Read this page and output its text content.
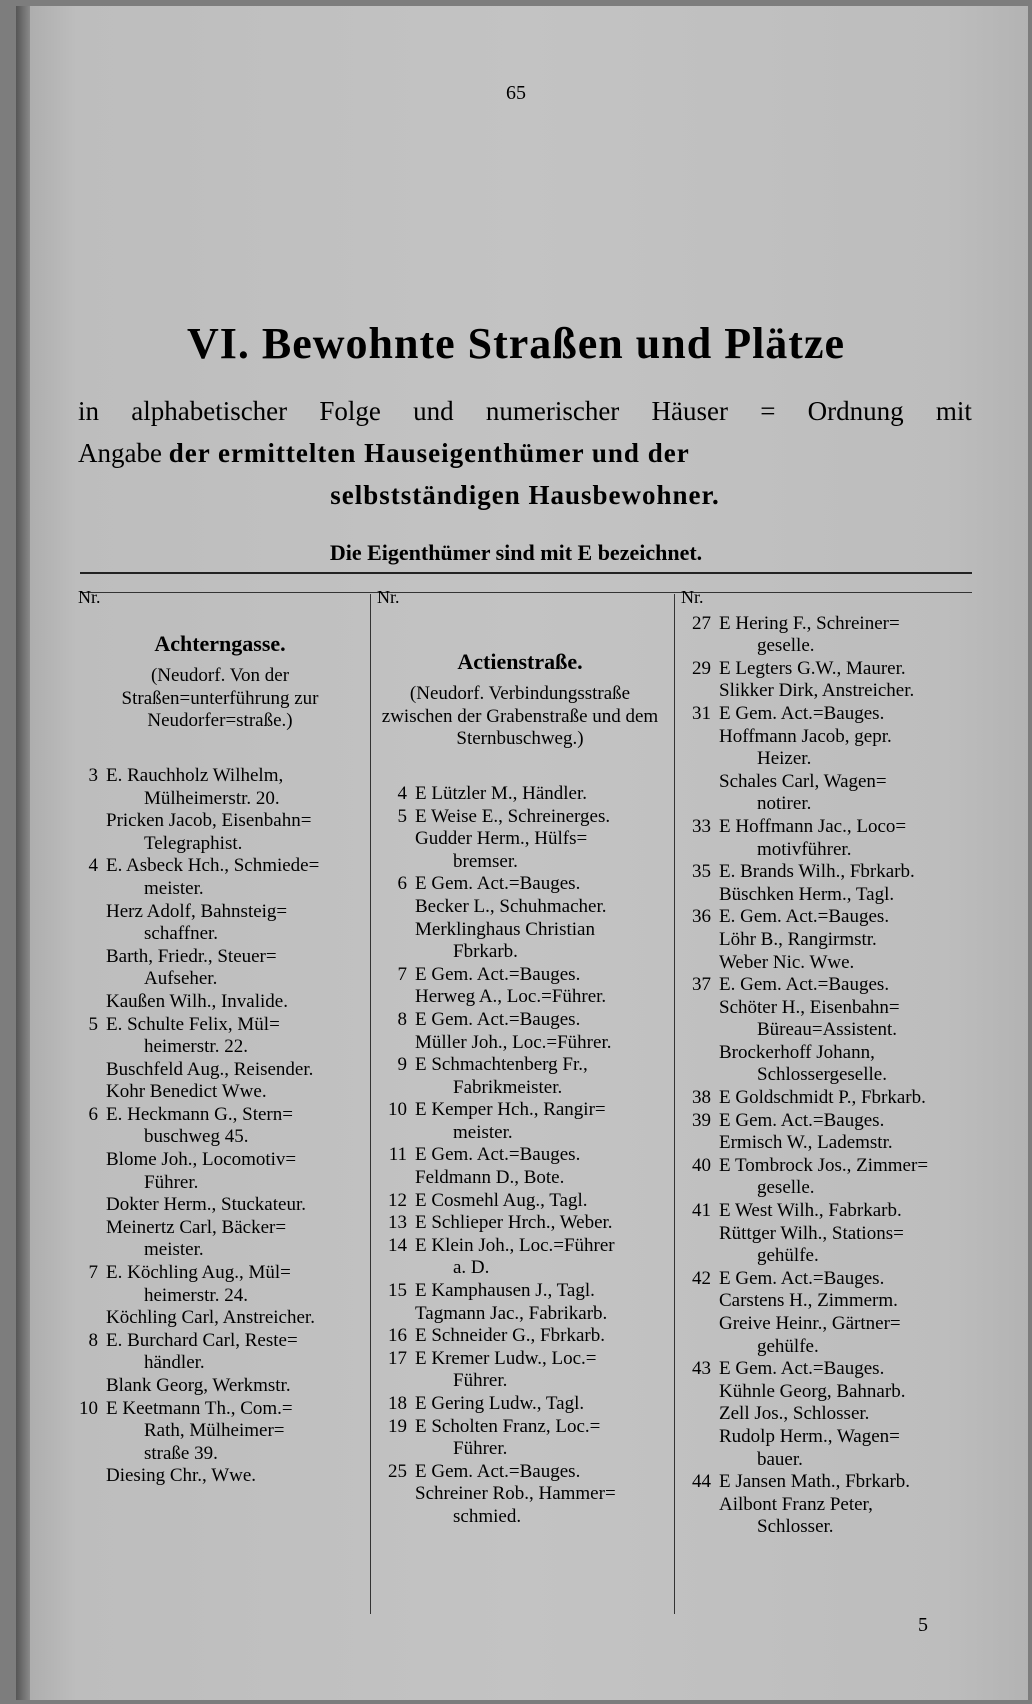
65
VI. Bewohnte Straßen und Plätze
in alphabetischer Folge und numerischer Häuser = Ordnung mit
Angabe der ermittelten Hauseigenthümer und der
selbstständigen Hausbewohner.
Die Eigenthümer sind mit E bezeichnet.
Nr.
Achterngasse.
(Neudorf. Von der Straßen=unterführung zur Neudorfer=straße.)
3 E. Rauchholz Wilhelm,
Mülheimerstr. 20.
Pricken Jacob, Eisenbahn=
Telegraphist.
4 E. Asbeck Hch., Schmiede=
meister.
Herz Adolf, Bahnsteig=
schaffner.
Barth, Friedr., Steuer=
Aufseher.
Kaußen Wilh., Invalide.
5 E. Schulte Felix, Mül=
heimerstr. 22.
Buschfeld Aug., Reisender.
Kohr Benedict Wwe.
6 E. Heckmann G., Stern=
buschweg 45.
Blome Joh., Locomotiv=
Führer.
Dokter Herm., Stuckateur.
Meinertz Carl, Bäcker=
meister.
7 E. Köchling Aug., Mül=
heimerstr. 24.
Köchling Carl, Anstreicher.
8 E. Burchard Carl, Reste=
händler.
Blank Georg, Werkmstr.
10 E Keetmann Th., Com.=
Rath, Mülheimer=
straße 39.
Diesing Chr., Wwe.
Nr.
Actienstraße.
(Neudorf. Verbindungsstraße zwischen der Grabenstraße und dem Sternbuschweg.)
4 E Lützler M., Händler.
5 E Weise E., Schreinerges.
Gudder Herm., Hülfs=
bremser.
6 E Gem. Act.=Bauges.
Becker L., Schuhmacher.
Merklinghaus Christian
Fbrkarb.
7 E Gem. Act.=Bauges.
Herweg A., Loc.=Führer.
8 E Gem. Act.=Bauges.
Müller Joh., Loc.=Führer.
9 E Schmachtenberg Fr.,
Fabrikmeister.
10 E Kemper Hch., Rangir=
meister.
11 E Gem. Act.=Bauges.
Feldmann D., Bote.
12 E Cosmehl Aug., Tagl.
13 E Schlieper Hrch., Weber.
14 E Klein Joh., Loc.=Führer
a. D.
15 E Kamphausen J., Tagl.
Tagmann Jac., Fabrikarb.
16 E Schneider G., Fbrkarb.
17 E Kremer Ludw., Loc.=
Führer.
18 E Gering Ludw., Tagl.
19 E Scholten Franz, Loc.=
Führer.
25 E Gem. Act.=Bauges.
Schreiner Rob., Hammer=
schmied.
Nr.
27 E Hering F., Schreiner=
geselle.
29 E Legters G.W., Maurer.
Slikker Dirk, Anstreicher.
31 E Gem. Act.=Bauges.
Hoffmann Jacob, gepr.
Heizer.
Schales Carl, Wagen=
notirer.
33 E Hoffmann Jac., Loco=
motivführer.
35 E. Brands Wilh., Fbrkarb.
Büschken Herm., Tagl.
36 E. Gem. Act.=Bauges.
Löhr B., Rangirmstr.
Weber Nic. Wwe.
37 E. Gem. Act.=Bauges.
Schöter H., Eisenbahn=
Büreau=Assistent.
Brockerhoff Johann,
Schlossergeselle.
38 E Goldschmidt P., Fbrkarb.
39 E Gem. Act.=Bauges.
Ermisch W., Lademstr.
40 E Tombrock Jos., Zimmer=
geselle.
41 E West Wilh., Fabrkarb.
Rüttger Wilh., Stations=
gehülfe.
42 E Gem. Act.=Bauges.
Carstens H., Zimmerm.
Greive Heinr., Gärtner=
gehülfe.
43 E Gem. Act.=Bauges.
Kühnle Georg, Bahnarb.
Zell Jos., Schlosser.
Rudolp Herm., Wagen=
bauer.
44 E Jansen Math., Fbrkarb.
Ailbont Franz Peter,
Schlosser.
5
